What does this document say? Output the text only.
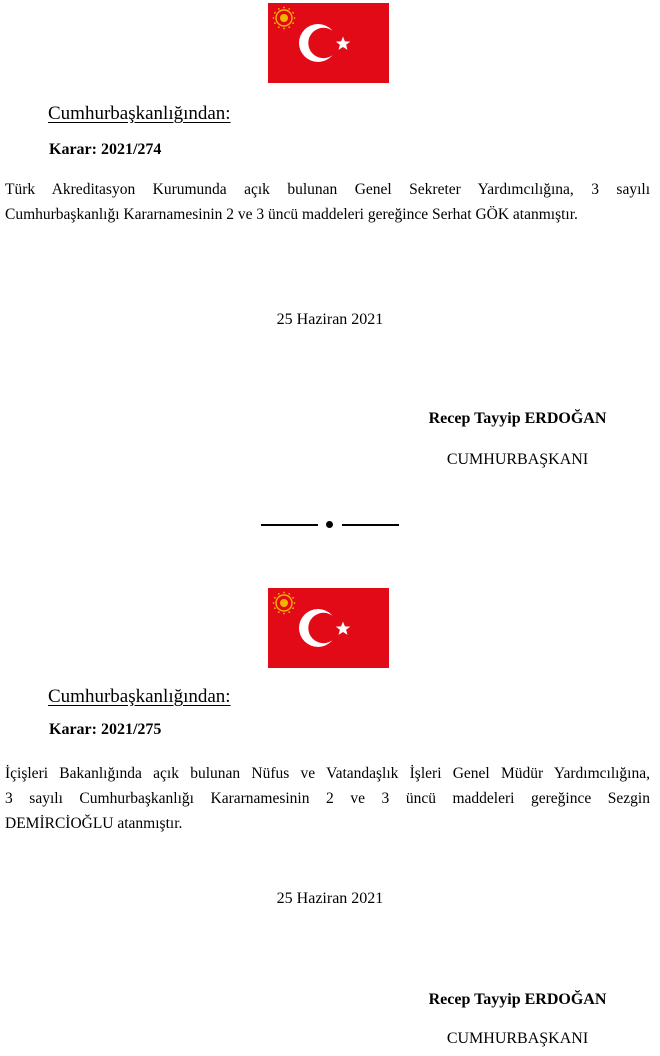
Cumhurbaşkanlığından:
Karar: 2021/274
Türk Akreditasyon Kurumunda açık bulunan Genel Sekreter Yardımcılığına, 3 sayılı
Cumhurbaşkanlığı Kararnamesinin 2 ve 3 üncü maddeleri gereğince Serhat GÖK atanmıştır.
25 Haziran 2021
Recep Tayyip ERDOĞAN
CUMHURBAŞKANI
Cumhurbaşkanlığından:
Karar: 2021/275
İçişleri Bakanlığında açık bulunan Nüfus ve Vatandaşlık İşleri Genel Müdür Yardımcılığına,
3 sayılı Cumhurbaşkanlığı Kararnamesinin 2 ve 3 üncü maddeleri gereğince Sezgin
DEMİRCİOĞLU atanmıştır.
25 Haziran 2021
Recep Tayyip ERDOĞAN
CUMHURBAŞKANI
